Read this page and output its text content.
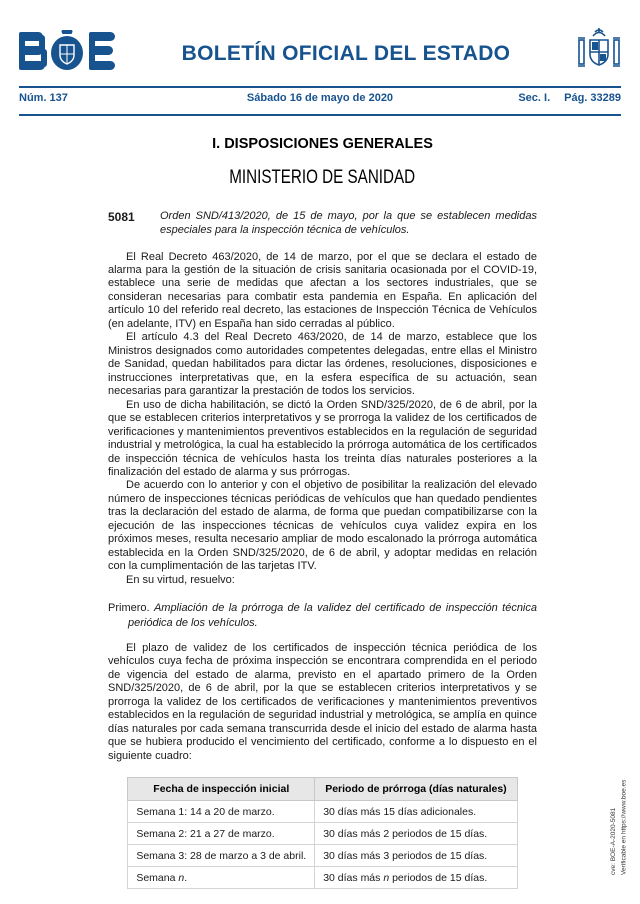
BOLETÍN OFICIAL DEL ESTADO
Núm. 137	Sábado 16 de mayo de 2020	Sec. I. Pág. 33289
I. DISPOSICIONES GENERALES
MINISTERIO DE SANIDAD
5081	Orden SND/413/2020, de 15 de mayo, por la que se establecen medidas especiales para la inspección técnica de vehículos.

El Real Decreto 463/2020, de 14 de marzo, por el que se declara el estado de alarma para la gestión de la situación de crisis sanitaria ocasionada por el COVID-19, establece una serie de medidas que afectan a los sectores industriales, que se consideran necesarias para combatir esta pandemia en España. En aplicación del artículo 10 del referido real decreto, las estaciones de Inspección Técnica de Vehículos (en adelante, ITV) en España han sido cerradas al público.

El artículo 4.3 del Real Decreto 463/2020, de 14 de marzo, establece que los Ministros designados como autoridades competentes delegadas, entre ellas el Ministro de Sanidad, quedan habilitados para dictar las órdenes, resoluciones, disposiciones e instrucciones interpretativas que, en la esfera específica de su actuación, sean necesarias para garantizar la prestación de todos los servicios.

En uso de dicha habilitación, se dictó la Orden SND/325/2020, de 6 de abril, por la que se establecen criterios interpretativos y se prorroga la validez de los certificados de verificaciones y mantenimientos preventivos establecidos en la regulación de seguridad industrial y metrológica, la cual ha establecido la prórroga automática de los certificados de inspección técnica de vehículos hasta los treinta días naturales posteriores a la finalización del estado de alarma y sus prórrogas.

De acuerdo con lo anterior y con el objetivo de posibilitar la realización del elevado número de inspecciones técnicas periódicas de vehículos que han quedado pendientes tras la declaración del estado de alarma, de forma que puedan compatibilizarse con la ejecución de las inspecciones técnicas de vehículos cuya validez expira en los próximos meses, resulta necesario ampliar de modo escalonado la prórroga automática establecida en la Orden SND/325/2020, de 6 de abril, y adoptar medidas en relación con la cumplimentación de las tarjetas ITV.

En su virtud, resuelvo:

Primero. Ampliación de la prórroga de la validez del certificado de inspección técnica periódica de los vehículos.

El plazo de validez de los certificados de inspección técnica periódica de los vehículos cuya fecha de próxima inspección se encontrara comprendida en el periodo de vigencia del estado de alarma, previsto en el apartado primero de la Orden SND/325/2020, de 6 de abril, por la que se establecen criterios interpretativos y se prorroga la validez de los certificados de verificaciones y mantenimientos preventivos establecidos en la regulación de seguridad industrial y metrológica, se amplía en quince días naturales por cada semana transcurrida desde el inicio del estado de alarma hasta que se hubiera producido el vencimiento del certificado, conforme a lo dispuesto en el siguiente cuadro:

Fecha de inspección inicial	Periodo de prórroga (días naturales)
Semana 1: 14 a 20 de marzo.	30 días más 15 días adicionales.
Semana 2: 21 a 27 de marzo.	30 días más 2 periodos de 15 días.
Semana 3: 28 de marzo a 3 de abril.	30 días más 3 periodos de 15 días.
Semana n.	30 días más n periodos de 15 días.
cve: BOE-A-2020-5081 Verificable en https://www.boe.es
